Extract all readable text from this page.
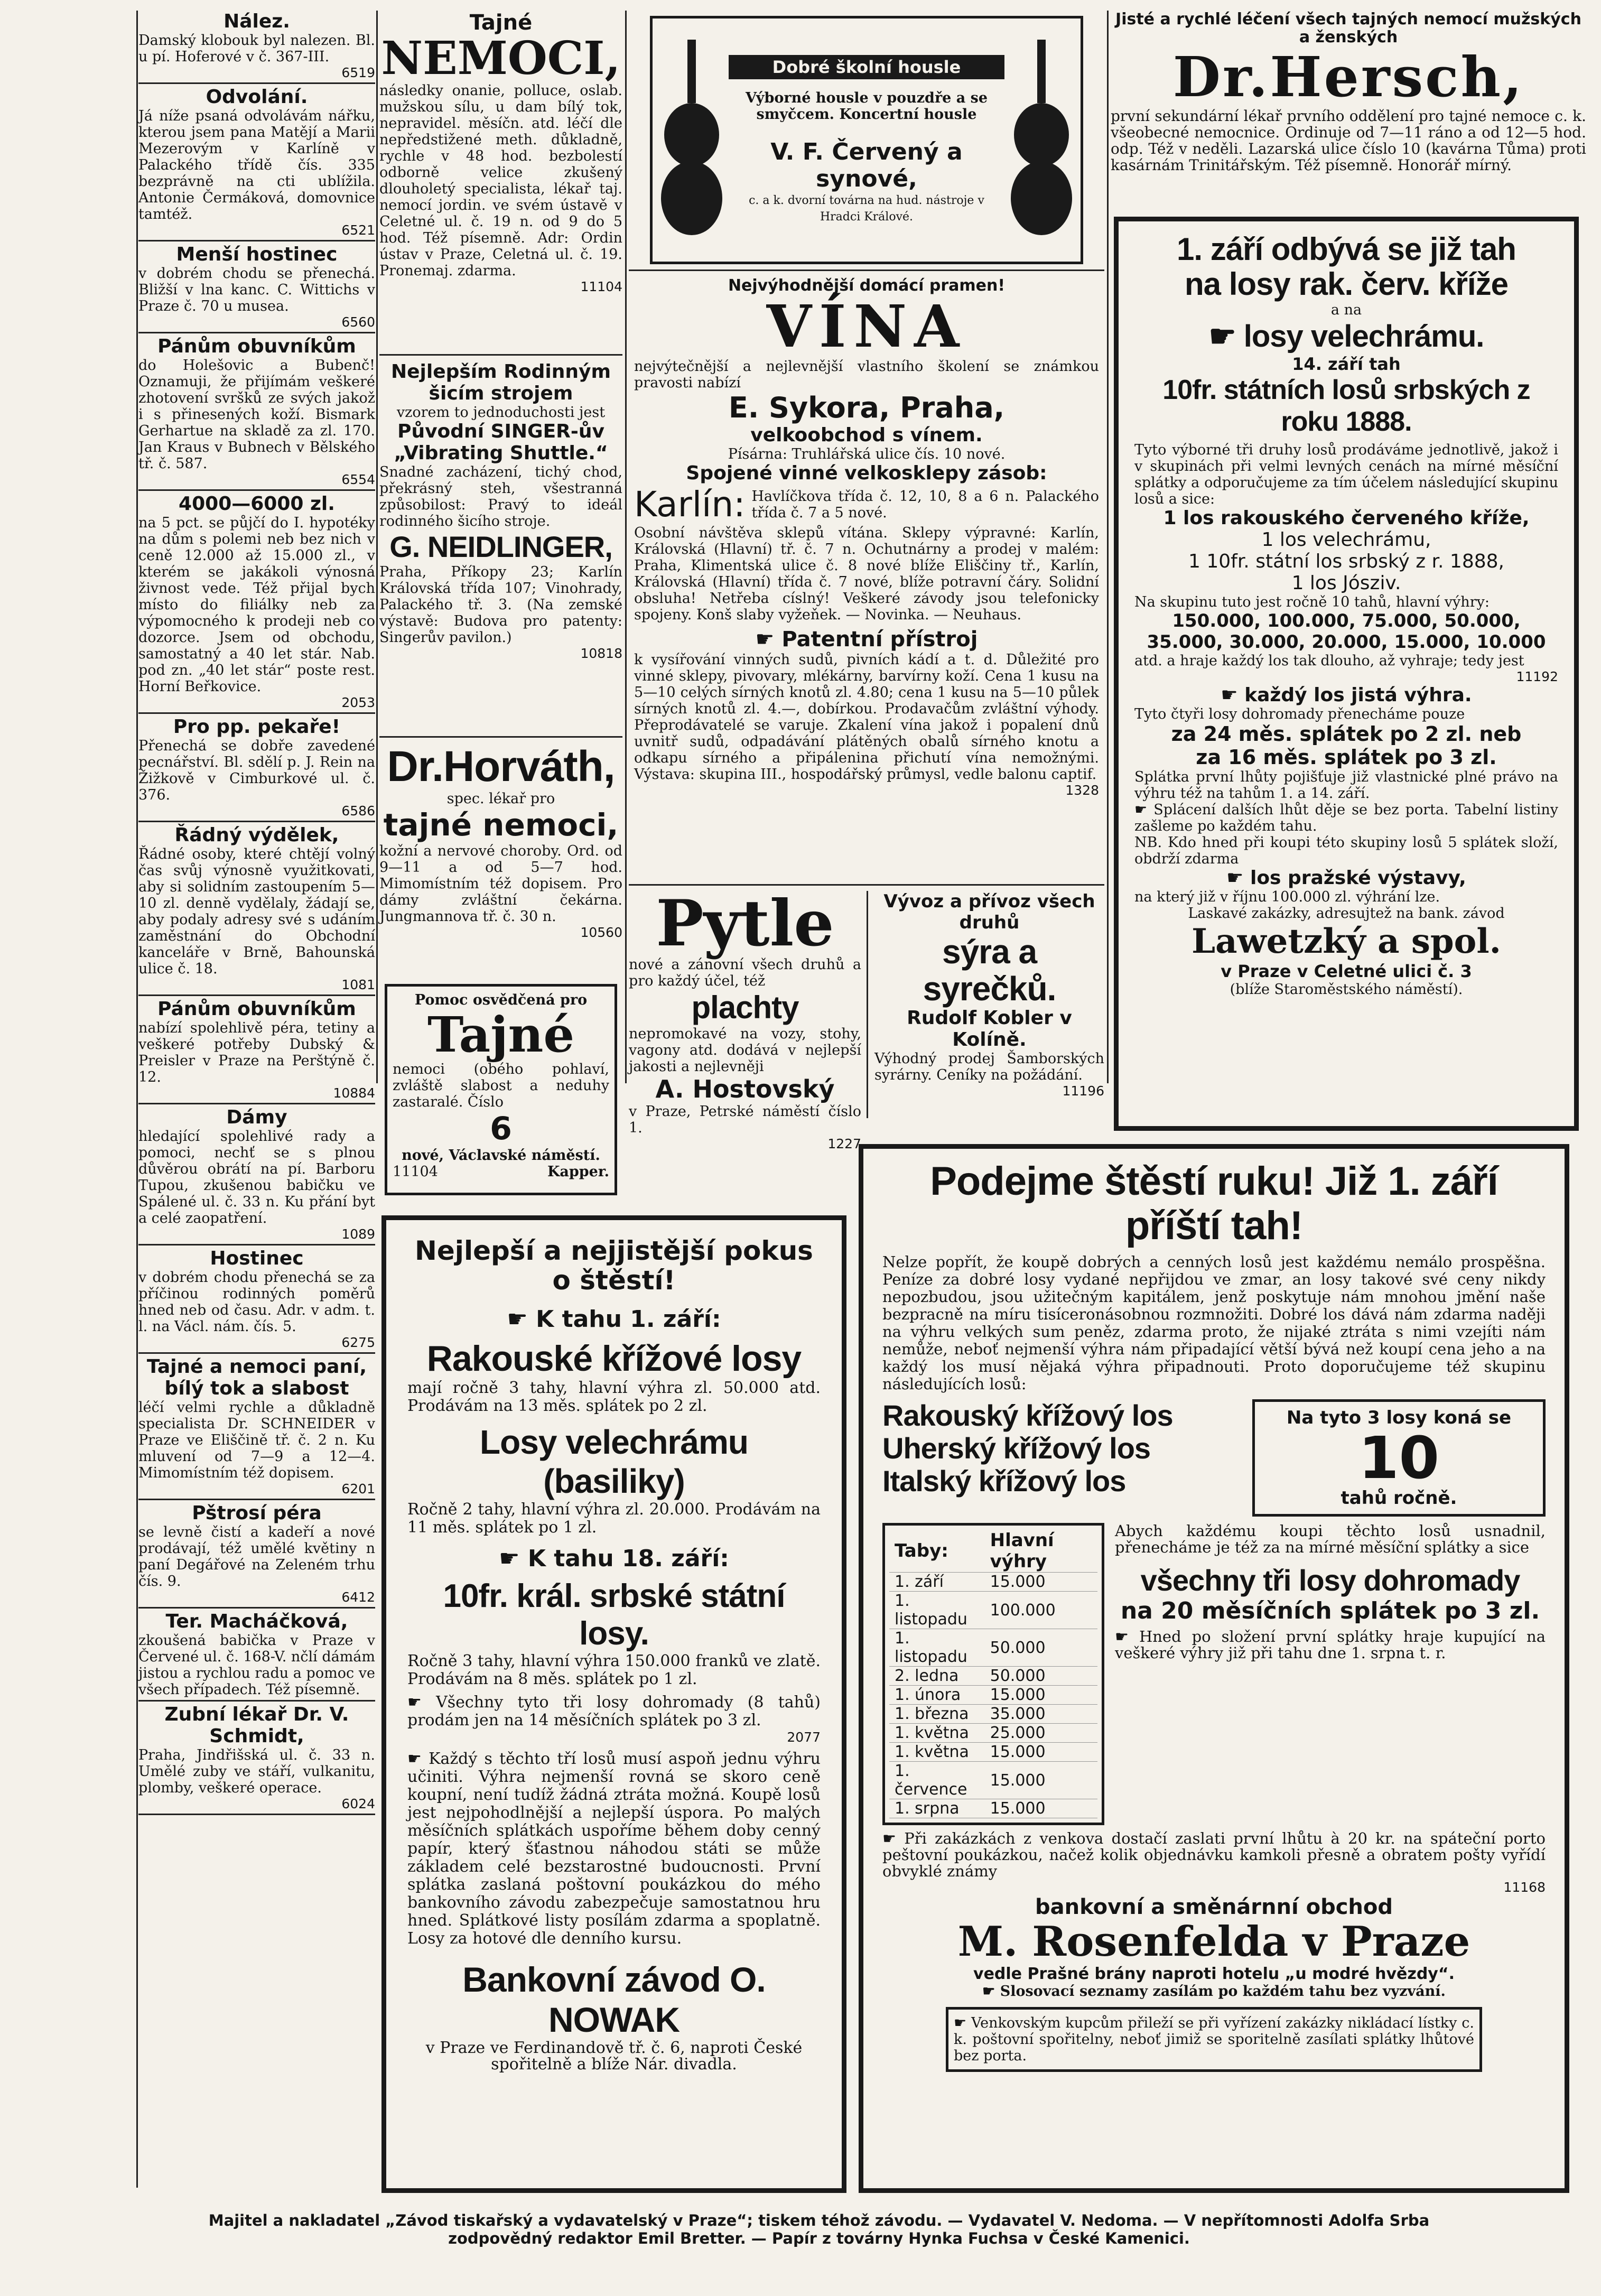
Nález.
Damský klobouk byl nalezen. Bl. u pí. Hoferové v č. 367-III.
6519
Odvolání.
Já níže psaná odvolávám nářku, kterou jsem pana Matějí a Marii Mezerovým v Karlíně v Palackého třídě čís. 335 bezprávně na cti ublížila. Antonie Čermáková, domovnice tamtéž.
6521
Menší hostinec
v dobrém chodu se přenechá. Bližší v lna kanc. C. Wittichs v Praze č. 70 u musea.
6560
Pánům obuvníkům
do Holešovic a Bubenč! Oznamuji, že přijímám veškeré zhotovení svršků ze svých jakož i s přinesených koží. Bismark Gerhartue na skladě za zl. 170. Jan Kraus v Bubnech v Bělského tř. č. 587.
6554
4000—6000 zl.
na 5 pct. se půjčí do I. hypotéky na dům s polemi neb bez nich v ceně 12.000 až 15.000 zl., v kterém se jakákoli výnosná živnost vede. Též přijal bych místo do filiálky neb za výpomocného k prodeji neb co dozorce. Jsem od obchodu, samostatný a 40 let stár. Nab. pod zn. „40 let stár“ poste rest. Horní Beřkovice.
2053
Pro pp. pekaře!
Přenechá se dobře zavedené pecnářství. Bl. sdělí p. J. Rein na Žižkově v Cimburkové ul. č. 376.
6586
Řádný výdělek,
Řádné osoby, které chtějí volný čas svůj výnosně využitkovati, aby si solidním zastoupením 5—10 zl. denně vydělaly, žádají se, aby podaly adresy své s udáním zaměstnání do Obchodní kanceláře v Brně, Bahounská ulice č. 18.
1081
Pánům obuvníkům
nabízí spolehlivě péra, tetiny a veškeré potřeby Dubský & Preisler v Praze na Perštýně č. 12.
10884
Dámy
hledající spolehlivé rady a pomoci, nechť se s plnou důvěrou obrátí na pí. Barboru Tupou, zkušenou babičku ve Spálené ul. č. 33 n. Ku přání byt a celé zaopatření.
1089
Hostinec
v dobrém chodu přenechá se za příčinou rodinných poměrů hned neb od času. Adr. v adm. t. l. na Václ. nám. čís. 5.
6275
Tajné a nemoci paní, bílý tok a slabost
léčí velmi rychle a důkladně specialista Dr. SCHNEIDER v Praze ve Eliščině tř. č. 2 n. Ku mluvení od 7—9 a 12—4. Mimomístním též dopisem.
6201
Pštrosí péra
se levně čistí a kadeří a nové prodávají, též umělé květiny n paní Degářové na Zeleném trhu čís. 9.
6412
Ter. Macháčková,
zkoušená babička v Praze v Červené ul. č. 168-V. nčlí dámám jistou a rychlou radu a pomoc ve všech případech. Též písemně.
Zubní lékař Dr. V. Schmidt,
Praha, Jindřišská ul. č. 33 n. Umělé zuby ve stáří, vulkanitu, plomby, veškeré operace.
6024
Tajné
NEMOCI,
následky onanie, polluce, oslab. mužskou sílu, u dam bílý tok, nepravidel. měsíčn. atd. léčí dle nepředstižené meth. důkladně, rychle v 48 hod. bezbolestí odborně velice zkušený dlouholetý specialista, lékař taj. nemocí jordin. ve svém ústavě v Celetné ul. č. 19 n. od 9 do 5 hod. Též písemně. Adr: Ordin ústav v Praze, Celetná ul. č. 19. Pronemaj. zdarma.
11104
Nejlepším Rodinným šicím strojem
vzorem to jednoduchosti jest
Původní SINGER-ův „Vibrating Shuttle.“
Snadné zacházení, tichý chod, překrásný steh, všestranná způsobilost: Pravý to ideál rodinného šicího stroje.
G. NEIDLINGER,
Praha, Příkopy 23; Karlín Královská třída 107; Vinohrady, Palackého tř. 3. (Na zemské výstavě: Budova pro patenty: Singerův pavilon.)
10818
Dr.Horváth,
spec. lékař pro
tajné nemoci,
kožní a nervové choroby. Ord. od 9—11 a od 5—7 hod. Mimomístním též dopisem. Pro dámy zvláštní čekárna. Jungmannova tř. č. 30 n.
10560
Pomoc osvědčená pro
Tajné
nemoci (obého pohlaví, zvláště slabost a neduhy zastaralé. Číslo
6
nové, Václavské náměstí.
11104	Kapper.
Nejlepší a nejjistější pokus o štěstí!
☛ K tahu 1. září:
Rakouské křížové losy
mají ročně 3 tahy, hlavní výhra zl. 50.000 atd. Prodávám na 13 měs. splátek po 2 zl.
Losy velechrámu (basiliky)
Ročně 2 tahy, hlavní výhra zl. 20.000. Prodávám na 11 měs. splátek po 1 zl.
☛ K tahu 18. září:
10fr. král. srbské státní losy.
Ročně 3 tahy, hlavní výhra 150.000 franků ve zlatě. Prodávám na 8 měs. splátek po 1 zl.
☛ Všechny tyto tři losy dohromady (8 tahů) prodám jen na 14 měsíčních splátek po 3 zl.
2077
☛ Každý s těchto tří losů musí aspoň jednu výhru učiniti. Výhra nejmenší rovná se skoro ceně koupní, není tudíž žádná ztráta možná. Koupě losů jest nejpohodlnější a nejlepší úspora. Po malých měsíčních splátkách uspoříme během doby cenný papír, který šťastnou náhodou státi se může základem celé bezstarostné budoucnosti. První splátka zaslaná poštovní poukázkou do mého bankovního závodu zabezpečuje samostatnou hru hned. Splátkové listy posílám zdarma a spoplatně. Losy za hotové dle denního kursu.
Bankovní závod O. NOWAK
v Praze ve Ferdinandově tř. č. 6, naproti České spořitelně a blíže Nár. divadla.
Dobré školní housle
Výborné housle v pouzdře a se smyčcem. Koncertní housle
V. F. Červený a synové,
c. a k. dvorní továrna na hud. nástroje v Hradci Králové.
Nejvýhodnější domácí pramen!
VÍNA
nejvýtečnější a nejlevnější vlastního školení se známkou pravosti nabízí
E. Sykora, Praha,
velkoobchod s vínem.
Písárna: Truhlářská ulice čís. 10 nové.
Spojené vinné velkosklepy zásob:
Karlín: Havlíčkova třída č. 12, 10, 8 a 6 n. Palackého třída č. 7 a 5 nové.
Osobní návštěva sklepů vítána. Sklepy výpravné: Karlín, Královská (Hlavní) tř. č. 7 n. Ochutnárny a prodej v malém: Praha, Klimentská ulice č. 8 nové blíže Eliščiny tř., Karlín, Královská (Hlavní) třída č. 7 nové, blíže potravní čáry. Solidní obsluha! Netřeba císlný! Veškeré závody jsou telefonicky spojeny. Konš slaby vyžeňek. — Novinka. — Neuhaus.
☛ Patentní přístroj
k vysířování vinných sudů, pivních kádí a t. d. Důležité pro vinné sklepy, pivovary, mlékárny, barvírny koží. Cena 1 kusu na 5—10 celých sírných knotů zl. 4.80; cena 1 kusu na 5—10 půlek sírných knotů zl. 4.—, dobírkou. Prodavačům zvláštní výhody. Přeprodávatelé se varuje. Zkalení vína jakož i popalení dnů uvnitř sudů, odpadávání plátěných obalů sírného knotu a odkapu sírného a připálenina přichutí vína nemožnými. Výstava: skupina III., hospodářský průmysl, vedle balonu captif.
1328
Pytle
nové a zánovní všech druhů a pro každý účel, též
plachty
nepromokavé na vozy, stohy, vagony atd. dodává v nejlepší jakosti a nejlevněji
A. Hostovský
v Praze, Petrské náměstí číslo 1.
1227
Vývoz a přívoz všech druhů
sýra a syrečků.
Rudolf Kobler v Kolíně.
Výhodný prodej Šamborských syrárny. Ceníky na požádání.
11196
Jisté a rychlé léčení všech tajných nemocí mužských a ženských
Dr.Hersch,
první sekundární lékař prvního oddělení pro tajné nemoce c. k. všeobecné nemocnice. Ordinuje od 7—11 ráno a od 12—5 hod. odp. Též v neděli. Lazarská ulice číslo 10 (kavárna Tůma) proti kasárnám Trinitářským. Též písemně. Honorář mírný.
1. září odbývá se již tah
na losy rak. červ. kříže
a na
☛ losy velechrámu.
14. září tah
10fr. státních losů srbských z roku 1888.
Tyto výborné tři druhy losů prodáváme jednotlivě, jakož i v skupinách při velmi levných cenách na mírné měsíční splátky a odporučujeme za tím účelem následující skupinu losů a sice:
1 los rakouského červeného kříže,
1 los velechrámu,
1 10fr. státní los srbský z r. 1888,
1 los Jósziv.
Na skupinu tuto jest ročně 10 tahů, hlavní výhry:
150.000, 100.000, 75.000, 50.000, 35.000, 30.000, 20.000, 15.000, 10.000
atd. a hraje každý los tak dlouho, až vyhraje; tedy jest
11192
☛ každý los jistá výhra.
Tyto čtyři losy dohromady přenecháme pouze
za 24 měs. splátek po 2 zl. neb
za 16 měs. splátek po 3 zl.
Splátka první lhůty pojišťuje již vlastnické plné právo na výhru též na tahům 1. a 14. září.
☛ Splácení dalších lhůt děje se bez porta. Tabelní listiny zašleme po každém tahu.
NB. Kdo hned při koupi této skupiny losů 5 splátek složí, obdrží zdarma
☛ los pražské výstavy,
na který již v říjnu 100.000 zl. výhrání lze.
Laskavé zakázky, adresujtež na bank. závod
Lawetzký a spol.
v Praze v Celetné ulici č. 3
(blíže Staroměstského náměstí).
Podejme štěstí ruku! Již 1. září příští tah!
Nelze popřít, že koupě dobrých a cenných losů jest každému nemálo prospěšna. Peníze za dobré losy vydané nepřijdou ve zmar, an losy takové své ceny nikdy nepozbudou, jsou užitečným kapitálem, jenž poskytuje nám mnohou jmění naše bezpracně na míru tisíceronásobnou rozmnožiti. Dobré los dává nám zdarma naději na výhru velkých sum peněz, zdarma proto, že nijaké ztráta s nimi vzejíti nám nemůže, neboť nejmenší výhra nám připadající větší bývá než koupí cena jeho a na každý los musí nějaká výhra připadnouti. Proto doporučujeme též skupinu následujících losů:
Rakouský křížový los
Uherský křížový los
Italský křížový los
Na tyto 3 losy koná se
10
tahů ročně.
Taby:	Hlavní výhry
1. září	15.000
1. listopadu	100.000
1. listopadu	50.000
2. ledna	50.000
1. února	15.000
1. března	35.000
1. května	25.000
1. května	15.000
1. července	15.000
1. srpna	15.000
Abych každému koupi těchto losů usnadnil, přenecháme je též za na mírné měsíční splátky a sice
všechny tři losy dohromady
na 20 měsíčních splátek po 3 zl.
☛ Hned po složení první splátky hraje kupující na veškeré výhry již při tahu dne 1. srpna t. r.
☛ Při zakázkách z venkova dostačí zaslati první lhůtu à 20 kr. na spáteční porto peštovní poukázkou, načež kolik objednávku kamkoli přesně a obratem pošty vyřídí obvyklé známy
11168
bankovní a směnárnní obchod
M. Rosenfelda v Praze
vedle Prašné brány naproti hotelu „u modré hvězdy“.
☛ Slosovací seznamy zasílám po každém tahu bez vyzvání.
☛ Venkovským kupcům přileží se při vyřízení zakázky nikládací lístky c. k. poštovní spořitelny, neboť jimiž se sporitelně zasílati splátky lhůtové bez porta.
Majitel a nakladatel „Závod tiskařský a vydavatelský v Praze“; tiskem téhož závodu. — Vydavatel V. Nedoma. — V nepřítomnosti Adolfa Srba
zodpovědný redaktor Emil Bretter. — Papír z továrny Hynka Fuchsa v České Kamenici.
